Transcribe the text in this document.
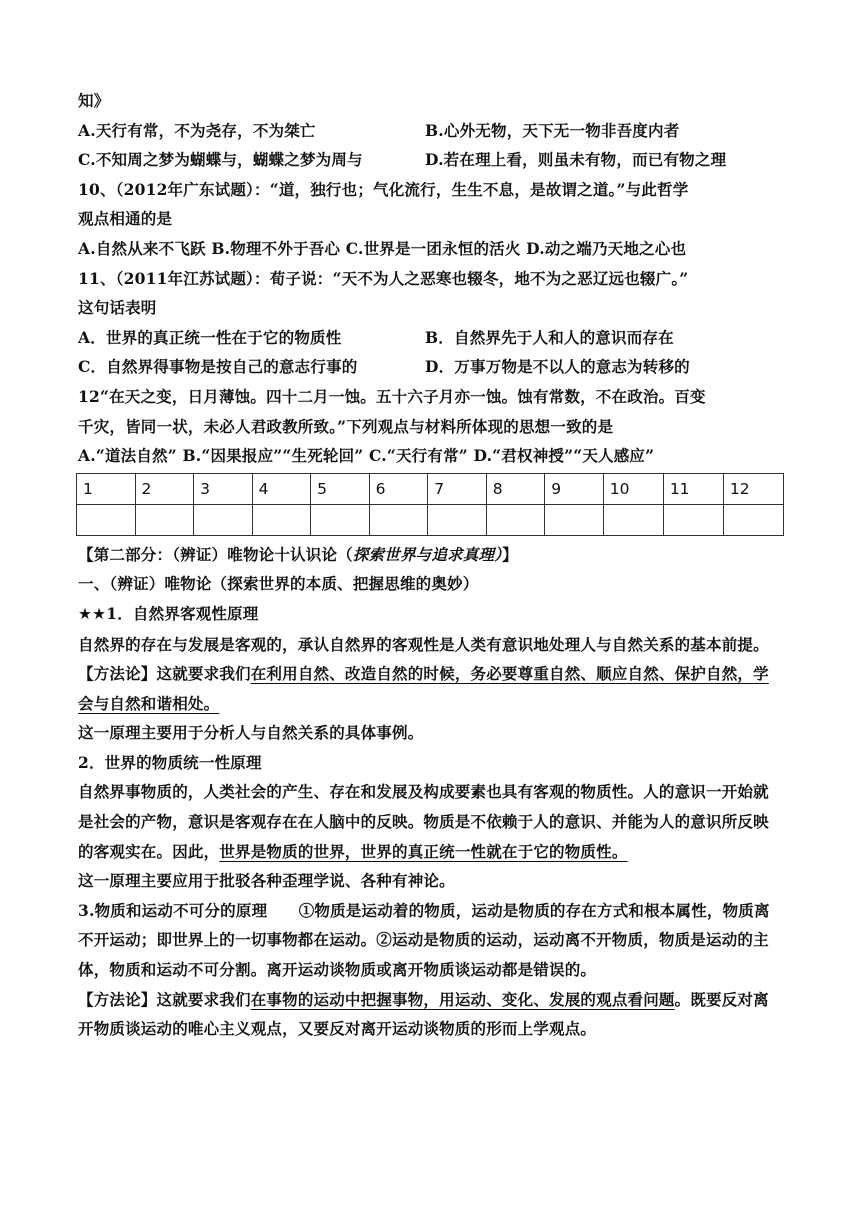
知》
A.天行有常，不为尧存，不为桀亡	B.心外无物，天下无一物非吾度内者
C.不知周之梦为蝴蝶与，蝴蝶之梦为周与	D.若在理上看，则虽未有物，而已有物之理
10、（2012年广东试题）：“道，独行也；气化流行，生生不息，是故谓之道。”与此哲学
观点相通的是
A.自然从来不飞跃 B.物理不外于吾心 C.世界是一团永恒的活火 D.动之端乃天地之心也
11、（2011年江苏试题）：荀子说：“天不为人之恶寒也辍冬，地不为之恶辽远也辍广。”
这句话表明
A．世界的真正统一性在于它的物质性	B．自然界先于人和人的意识而存在
C．自然界得事物是按自己的意志行事的	D．万事万物是不以人的意志为转移的
12“在天之变，日月薄蚀。四十二月一蚀。五十六子月亦一蚀。蚀有常数，不在政治。百变
千灾，皆同一状，未必人君政教所致。”下列观点与材料所体现的思想一致的是
A.“道法自然” B.“因果报应”“生死轮回” C.“天行有常” D.“君权神授”“天人感应”
1	2	3	4	5	6	7	8	9	10	11	12

【第二部分：（辨证）唯物论十认识论（探索世界与追求真理）】
一、（辨证）唯物论（探索世界的本质、把握思维的奥妙）
★★1．自然界客观性原理
自然界的存在与发展是客观的，承认自然界的客观性是人类有意识地处理人与自然关系的基本前提。
【方法论】这就要求我们在利用自然、改造自然的时候，务必要尊重自然、顺应自然、保护自然，学会与自然和谐相处。
这一原理主要用于分析人与自然关系的具体事例。
2．世界的物质统一性原理
自然界事物质的，人类社会的产生、存在和发展及构成要素也具有客观的物质性。人的意识一开始就是社会的产物，意识是客观存在在人脑中的反映。物质是不依赖于人的意识、并能为人的意识所反映的客观实在。因此，世界是物质的世界，世界的真正统一性就在于它的物质性。
这一原理主要应用于批驳各种歪理学说、各种有神论。
3.物质和运动不可分的原理　　 ①物质是运动着的物质，运动是物质的存在方式和根本属性，物质离不开运动；即世界上的一切事物都在运动。②运动是物质的运动，运动离不开物质，物质是运动的主体，物质和运动不可分割。离开运动谈物质或离开物质谈运动都是错误的。
【方法论】这就要求我们在事物的运动中把握事物，用运动、变化、发展的观点看问题。既要反对离开物质谈运动的唯心主义观点，又要反对离开运动谈物质的形而上学观点。
